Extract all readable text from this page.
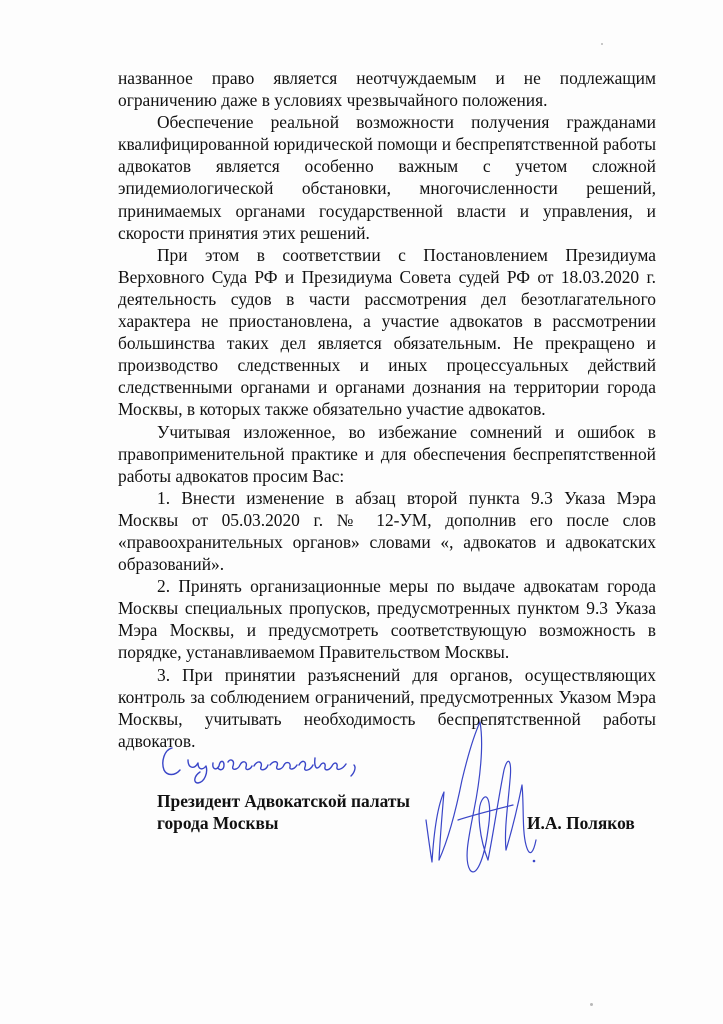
названное право является неотчуждаемым и не подлежащим ограничению даже в условиях чрезвычайного положения.

Обеспечение реальной возможности получения гражданами квалифицированной юридической помощи и беспрепятственной работы адвокатов является особенно важным с учетом сложной эпидемиологической обстановки, многочисленности решений, принимаемых органами государственной власти и управления, и скорости принятия этих решений.

При этом в соответствии с Постановлением Президиума Верховного Суда РФ и Президиума Совета судей РФ от 18.03.2020 г. деятельность судов в части рассмотрения дел безотлагательного характера не приостановлена, а участие адвокатов в рассмотрении большинства таких дел является обязательным. Не прекращено и производство следственных и иных процессуальных действий следственными органами и органами дознания на территории города Москвы, в которых также обязательно участие адвокатов.

Учитывая изложенное, во избежание сомнений и ошибок в правоприменительной практике и для обеспечения беспрепятственной работы адвокатов просим Вас:

1. Внести изменение в абзац второй пункта 9.3 Указа Мэра Москвы от 05.03.2020 г. № 12-УМ, дополнив его после слов «правоохранительных органов» словами «, адвокатов и адвокатских образований».

2. Принять организационные меры по выдаче адвокатам города Москвы специальных пропусков, предусмотренных пунктом 9.3 Указа Мэра Москвы, и предусмотреть соответствующую возможность в порядке, устанавливаемом Правительством Москвы.

3. При принятии разъяснений для органов, осуществляющих контроль за соблюдением ограничений, предусмотренных Указом Мэра Москвы, учитывать необходимость беспрепятственной работы адвокатов.

Президент Адвокатской палаты
города Москвы	И.А. Поляков
